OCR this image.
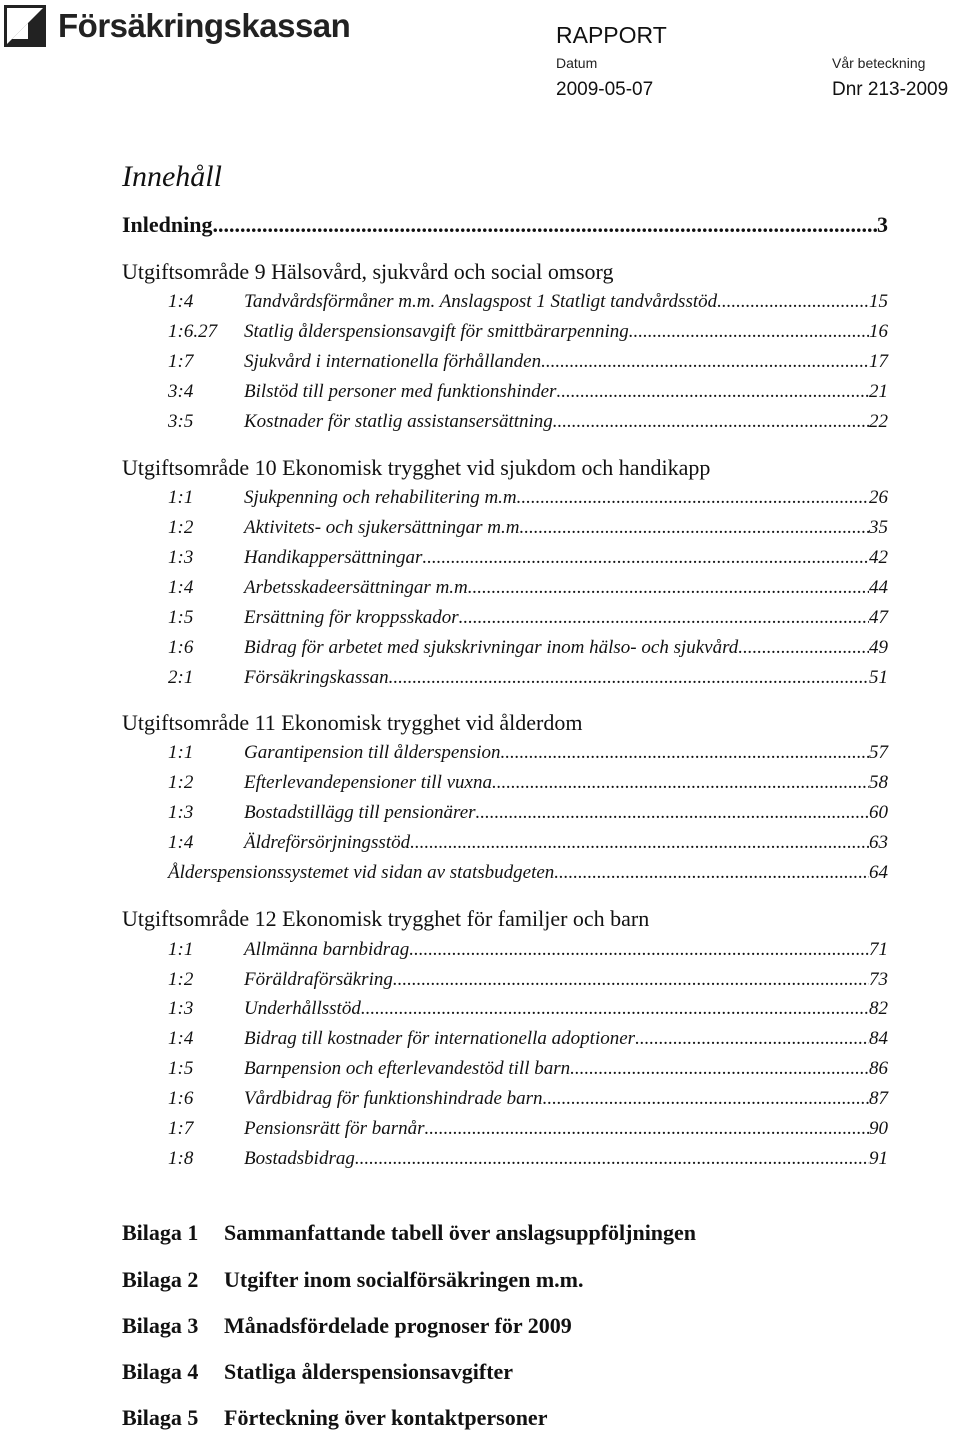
Försäkringskassan	RAPPORT
Datum	Vår beteckning
2009-05-07	Dnr 213-2009
Innehåll
Inledning .....	3
Utgiftsområde 9 Hälsovård, sjukvård och social omsorg
1:4	Tandvårdsförmåner m.m. Anslagspost 1 Statligt tandvårdsstöd .....	15
1:6.27	Statlig ålderspensionsavgift för smittbärarpenning .....	16
1:7	Sjukvård i internationella förhållanden .....	17
3:4	Bilstöd till personer med funktionshinder .....	21
3:5	Kostnader för statlig assistansersättning .....	22
Utgiftsområde 10 Ekonomisk trygghet vid sjukdom och handikapp
1:1	Sjukpenning och rehabilitering m.m. .....	26
1:2	Aktivitets- och sjukersättningar m.m. .....	35
1:3	Handikappersättningar .....	42
1:4	Arbetsskadeersättningar m.m. .....	44
1:5	Ersättning för kroppsskador .....	47
1:6	Bidrag för arbetet med sjukskrivningar inom hälso- och sjukvård .....	49
2:1	Försäkringskassan .....	51
Utgiftsområde 11 Ekonomisk trygghet vid ålderdom
1:1	Garantipension till ålderspension .....	57
1:2	Efterlevandepensioner till vuxna .....	58
1:3	Bostadstillägg till pensionärer .....	60
1:4	Äldreförsörjningsstöd .....	63
Ålderspensionssystemet vid sidan av statsbudgeten .....	64
Utgiftsområde 12 Ekonomisk trygghet för familjer och barn
1:1	Allmänna barnbidrag .....	71
1:2	Föräldraförsäkring .....	73
1:3	Underhållsstöd .....	82
1:4	Bidrag till kostnader för internationella adoptioner .....	84
1:5	Barnpension och efterlevandestöd till barn .....	86
1:6	Vårdbidrag för funktionshindrade barn .....	87
1:7	Pensionsrätt för barnår .....	90
1:8	Bostadsbidrag .....	91
Bilaga 1 Sammanfattande tabell över anslagsuppföljningen
Bilaga 2 Utgifter inom socialförsäkringen m.m.
Bilaga 3 Månadsfördelade prognoser för 2009
Bilaga 4 Statliga ålderspensionsavgifter
Bilaga 5 Förteckning över kontaktpersoner
